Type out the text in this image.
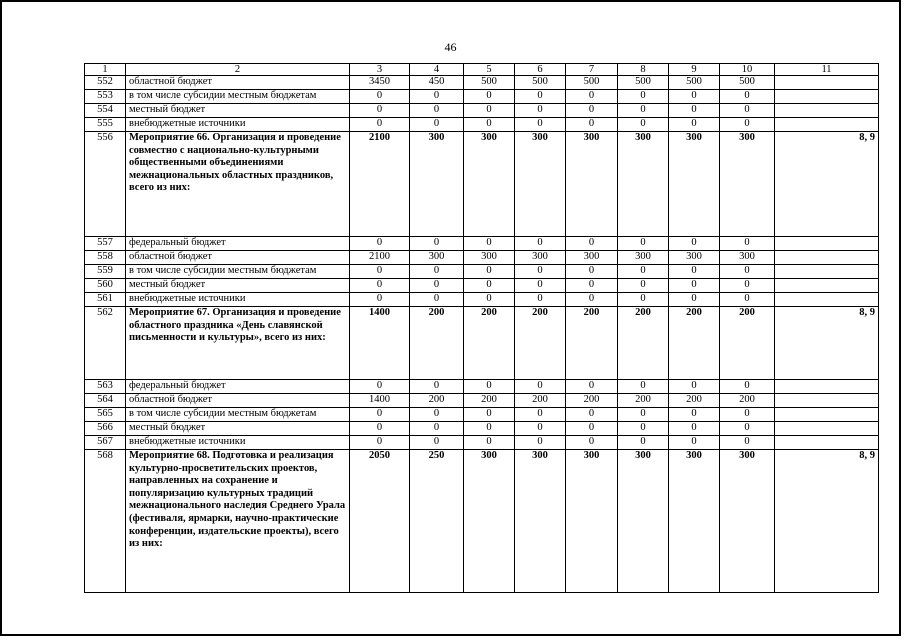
46
1	2	3	4	5	6	7	8	9	10	11
552	областной бюджет	3450	450	500	500	500	500	500	500	
553	в том числе субсидии местным бюджетам	0	0	0	0	0	0	0	0	
554	местный бюджет	0	0	0	0	0	0	0	0	
555	внебюджетные источники	0	0	0	0	0	0	0	0	
556	Мероприятие 66. Организация и проведение совместно с национально-культурными общественными объединениями межнациональных областных праздников, всего из них:	2100	300	300	300	300	300	300	300	8, 9
557	федеральный бюджет	0	0	0	0	0	0	0	0	
558	областной бюджет	2100	300	300	300	300	300	300	300	
559	в том числе субсидии местным бюджетам	0	0	0	0	0	0	0	0	
560	местный бюджет	0	0	0	0	0	0	0	0	
561	внебюджетные источники	0	0	0	0	0	0	0	0	
562	Мероприятие 67. Организация и проведение областного праздника «День славянской письменности и культуры», всего из них:	1400	200	200	200	200	200	200	200	8, 9
563	федеральный бюджет	0	0	0	0	0	0	0	0	
564	областной бюджет	1400	200	200	200	200	200	200	200	
565	в том числе субсидии местным бюджетам	0	0	0	0	0	0	0	0	
566	местный бюджет	0	0	0	0	0	0	0	0	
567	внебюджетные источники	0	0	0	0	0	0	0	0	
568	Мероприятие 68. Подготовка и реализация культурно-просветительских проектов, направленных на сохранение и популяризацию культурных традиций межнационального наследия Среднего Урала (фестиваля, ярмарки, научно-практические конференции, издательские проекты), всего из них:	2050	250	300	300	300	300	300	300	8, 9
